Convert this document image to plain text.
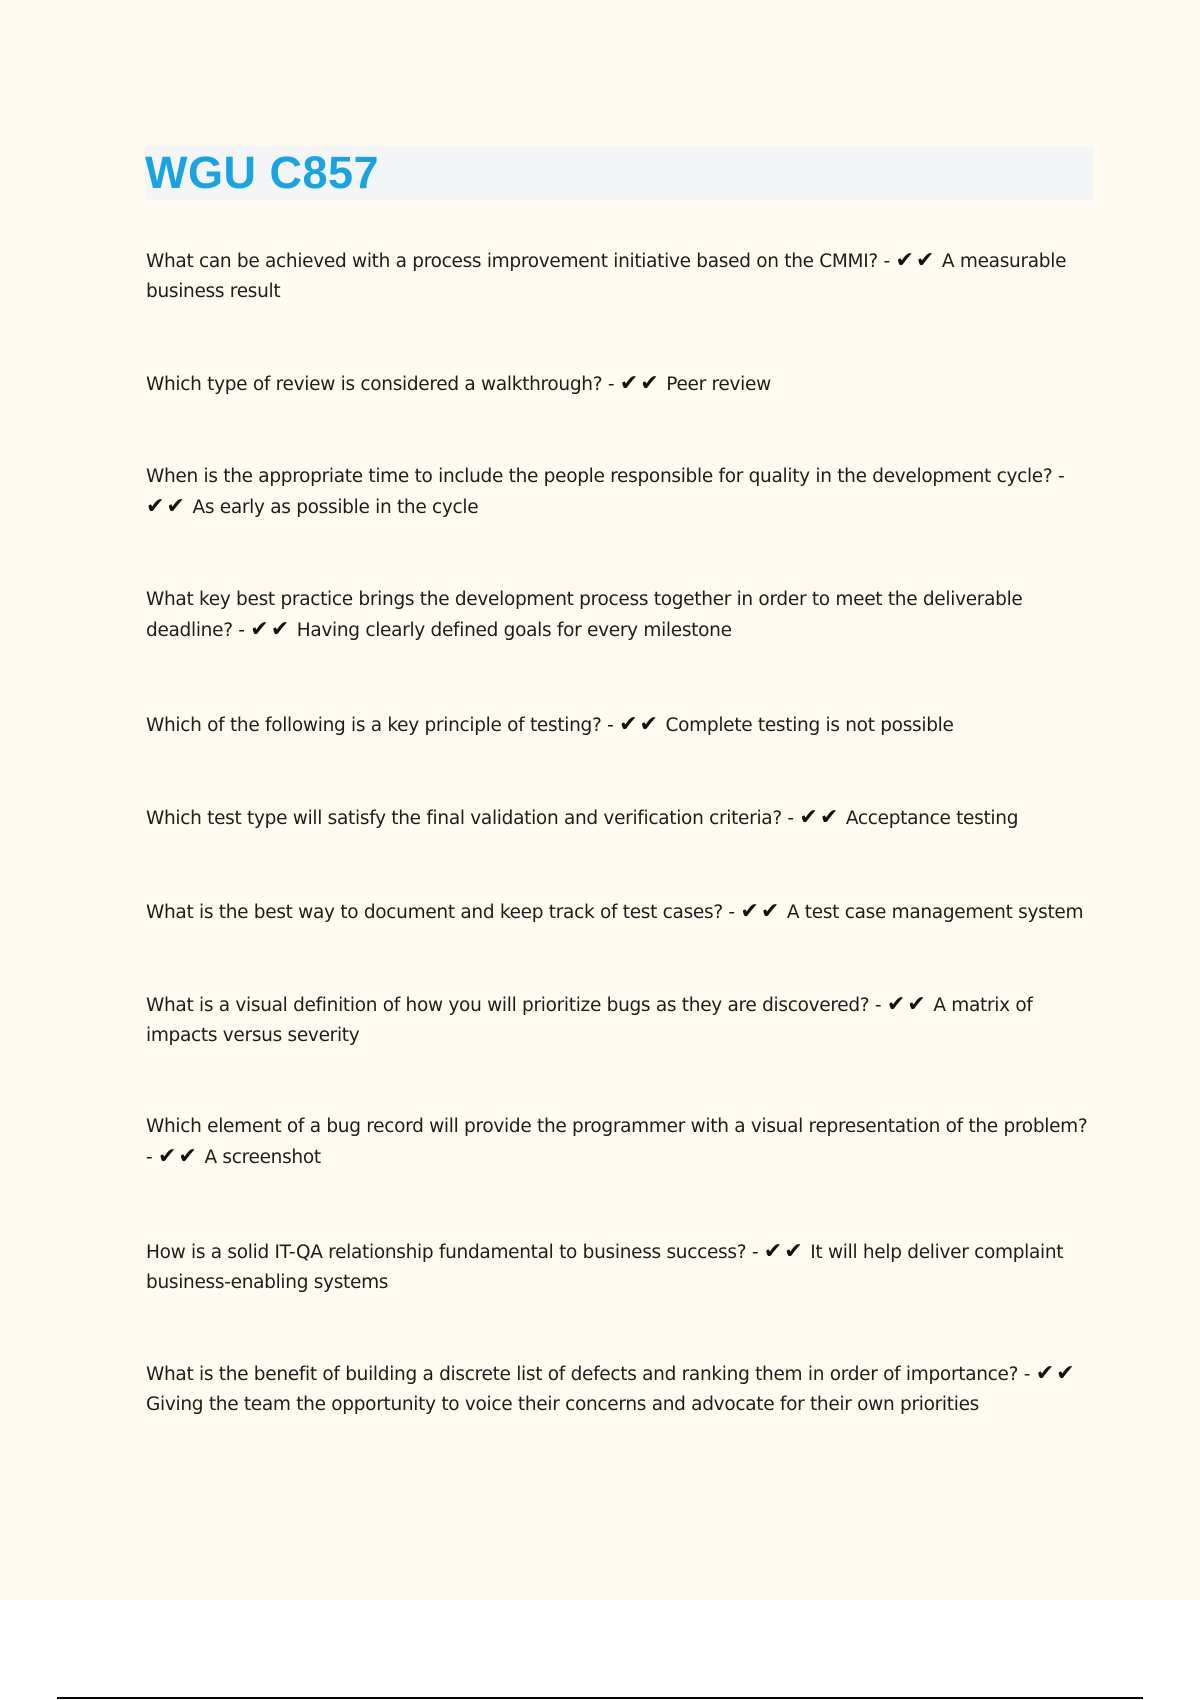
WGU C857
What can be achieved with a process improvement initiative based on the CMMI? - ✔✔ A measurable business result
Which type of review is considered a walkthrough? - ✔✔ Peer review
When is the appropriate time to include the people responsible for quality in the development cycle? - ✔✔ As early as possible in the cycle
What key best practice brings the development process together in order to meet the deliverable deadline? - ✔✔ Having clearly defined goals for every milestone
Which of the following is a key principle of testing? - ✔✔ Complete testing is not possible
Which test type will satisfy the final validation and verification criteria? - ✔✔ Acceptance testing
What is the best way to document and keep track of test cases? - ✔✔ A test case management system
What is a visual definition of how you will prioritize bugs as they are discovered? - ✔✔ A matrix of impacts versus severity
Which element of a bug record will provide the programmer with a visual representation of the problem? - ✔✔ A screenshot
How is a solid IT-QA relationship fundamental to business success? - ✔✔ It will help deliver complaint business-enabling systems
What is the benefit of building a discrete list of defects and ranking them in order of importance? - ✔✔ Giving the team the opportunity to voice their concerns and advocate for their own priorities
